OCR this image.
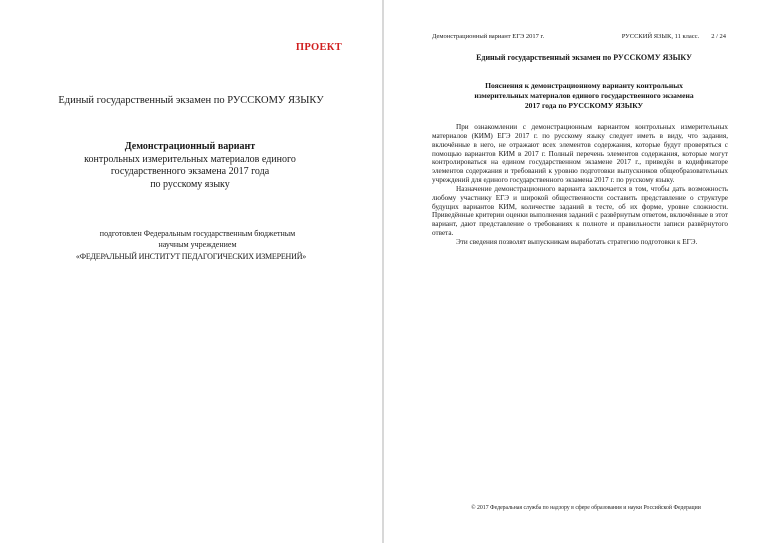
ПРОЕКТ
Единый государственный экзамен по РУССКОМУ ЯЗЫКУ
Демонстрационный вариант
контрольных измерительных материалов единого
государственного экзамена 2017 года
по русскому языку
подготовлен Федеральным государственным бюджетным
научным учреждением
«ФЕДЕРАЛЬНЫЙ ИНСТИТУТ ПЕДАГОГИЧЕСКИХ ИЗМЕРЕНИЙ»
Демонстрационный вариант ЕГЭ 2017 г.	РУССКИЙ ЯЗЫК, 11 класс. 2 / 24
Единый государственный экзамен по РУССКОМУ ЯЗЫКУ
Пояснения к демонстрационному варианту контрольных
измерительных материалов единого государственного экзамена
2017 года по РУССКОМУ ЯЗЫКУ

При ознакомлении с демонстрационным вариантом контрольных измерительных материалов (КИМ) ЕГЭ 2017 г. по русскому языку следует иметь в виду, что задания, включённые в него, не отражают всех элементов содержания, которые будут проверяться с помощью вариантов КИМ в 2017 г. Полный перечень элементов содержания, которые могут контролироваться на едином государственном экзамене 2017 г., приведён в кодификаторе элементов содержания и требований к уровню подготовки выпускников общеобразовательных учреждений для единого государственного экзамена 2017 г. по русскому языку.

Назначение демонстрационного варианта заключается в том, чтобы дать возможность любому участнику ЕГЭ и широкой общественности составить представление о структуре будущих вариантов КИМ, количестве заданий в тесте, об их форме, уровне сложности. Приведённые критерии оценки выполнения заданий с развёрнутым ответом, включённые в этот вариант, дают представление о требованиях к полноте и правильности записи развёрнутого ответа.

Эти сведения позволят выпускникам выработать стратегию подготовки к ЕГЭ.

© 2017 Федеральная служба по надзору в сфере образования и науки Российской Федерации
